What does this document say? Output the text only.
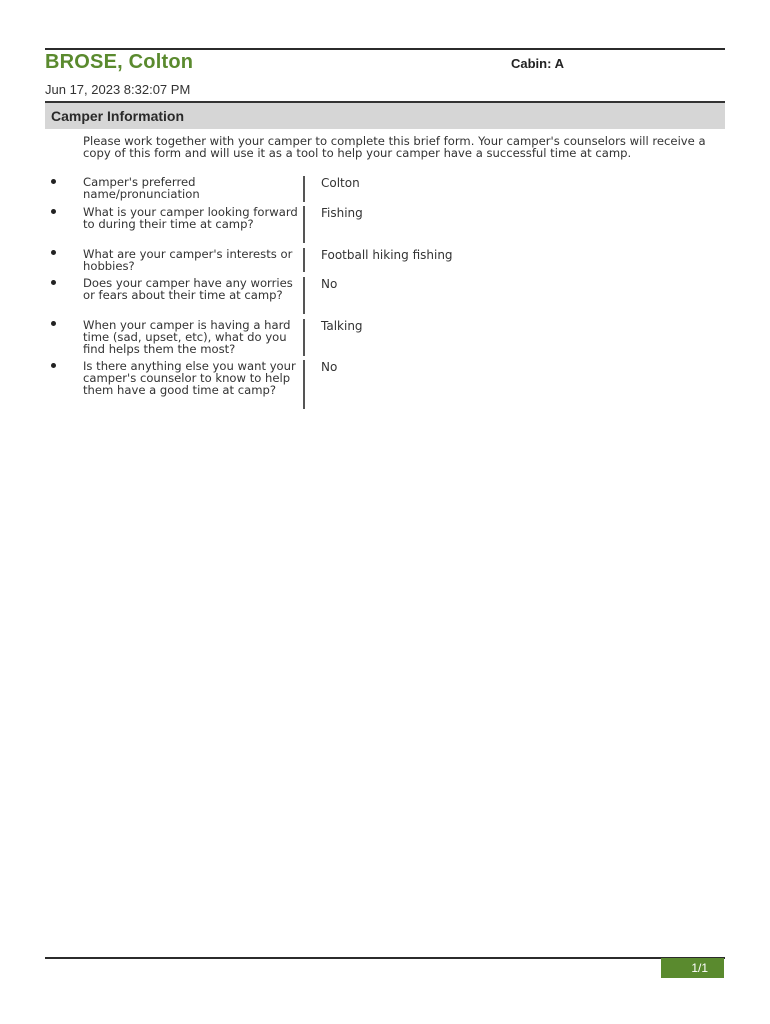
BROSE, Colton	Cabin: A
Jun 17, 2023 8:32:07 PM
Camper Information
Please work together with your camper to complete this brief form. Your camper's counselors will receive a copy of this form and will use it as a tool to help your camper have a successful time at camp.
Camper's preferred name/pronunciation
Colton
What is your camper looking forward to during their time at camp?
Fishing
What are your camper's interests or hobbies?
Football hiking fishing
Does your camper have any worries or fears about their time at camp?
No
When your camper is having a hard time (sad, upset, etc), what do you find helps them the most?
Talking
Is there anything else you want your camper's counselor to know to help them have a good time at camp?
No
1/1
